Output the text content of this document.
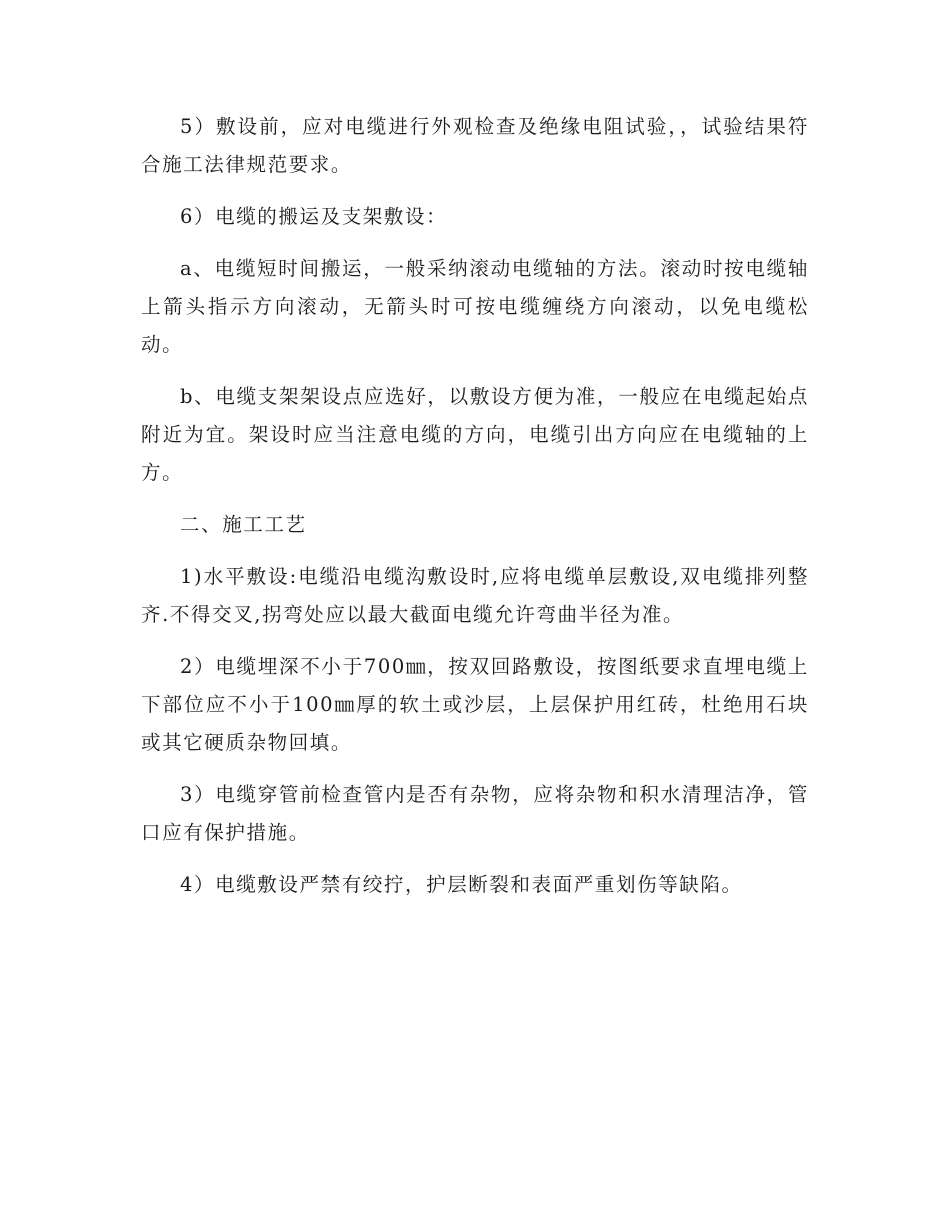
5）敷设前，应对电缆进行外观检查及绝缘电阻试验，，试验结果符合施工法律规范要求。

6）电缆的搬运及支架敷设：

a、电缆短时间搬运，一般采纳滚动电缆轴的方法。滚动时按电缆轴上箭头指示方向滚动，无箭头时可按电缆缠绕方向滚动，以免电缆松动。

b、电缆支架架设点应选好，以敷设方便为准，一般应在电缆起始点附近为宜。架设时应当注意电缆的方向，电缆引出方向应在电缆轴的上方。

二、施工工艺

1)水平敷设:电缆沿电缆沟敷设时,应将电缆单层敷设,双电缆排列整齐.不得交叉,拐弯处应以最大截面电缆允许弯曲半径为准。

2）电缆埋深不小于700㎜，按双回路敷设，按图纸要求直埋电缆上下部位应不小于100㎜厚的软土或沙层，上层保护用红砖，杜绝用石块或其它硬质杂物回填。

3）电缆穿管前检查管内是否有杂物，应将杂物和积水清理洁净，管口应有保护措施。

4）电缆敷设严禁有绞拧，护层断裂和表面严重划伤等缺陷。
